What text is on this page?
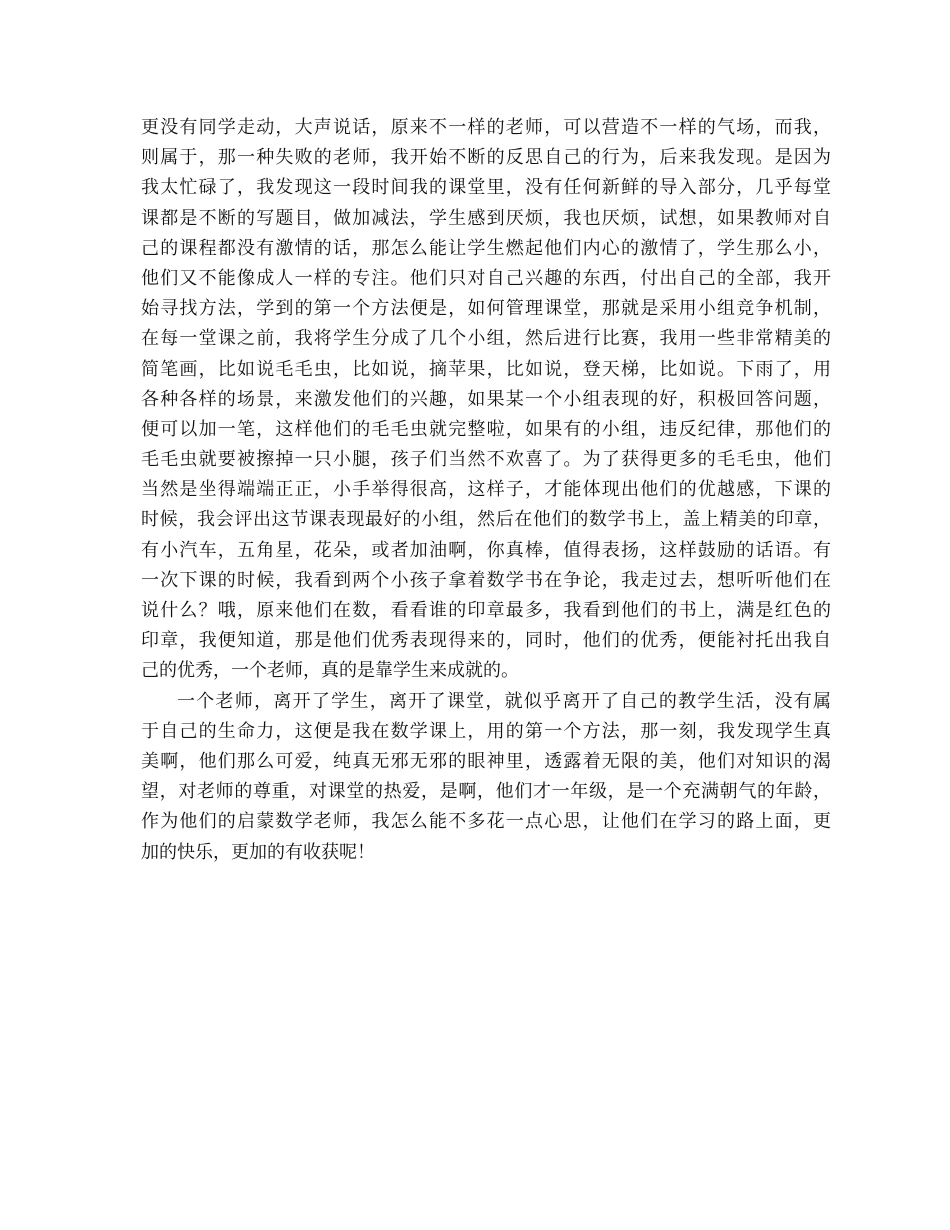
更没有同学走动，大声说话，原来不一样的老师，可以营造不一样的气场，而我，
则属于，那一种失败的老师，我开始不断的反思自己的行为，后来我发现。是因为
我太忙碌了，我发现这一段时间我的课堂里，没有任何新鲜的导入部分，几乎每堂
课都是不断的写题目，做加减法，学生感到厌烦，我也厌烦，试想，如果教师对自
己的课程都没有激情的话，那怎么能让学生燃起他们内心的激情了，学生那么小，
他们又不能像成人一样的专注。他们只对自己兴趣的东西，付出自己的全部，我开
始寻找方法，学到的第一个方法便是，如何管理课堂，那就是采用小组竞争机制，
在每一堂课之前，我将学生分成了几个小组，然后进行比赛，我用一些非常精美的
简笔画，比如说毛毛虫，比如说，摘苹果，比如说，登天梯，比如说。下雨了，用
各种各样的场景，来激发他们的兴趣，如果某一个小组表现的好，积极回答问题，
便可以加一笔，这样他们的毛毛虫就完整啦，如果有的小组，违反纪律，那他们的
毛毛虫就要被擦掉一只小腿，孩子们当然不欢喜了。为了获得更多的毛毛虫，他们
当然是坐得端端正正，小手举得很高，这样子，才能体现出他们的优越感，下课的
时候，我会评出这节课表现最好的小组，然后在他们的数学书上，盖上精美的印章，
有小汽车，五角星，花朵，或者加油啊，你真棒，值得表扬，这样鼓励的话语。有
一次下课的时候，我看到两个小孩子拿着数学书在争论，我走过去，想听听他们在
说什么？哦，原来他们在数，看看谁的印章最多，我看到他们的书上，满是红色的
印章，我便知道，那是他们优秀表现得来的，同时，他们的优秀，便能衬托出我自
己的优秀，一个老师，真的是靠学生来成就的。
一个老师，离开了学生，离开了课堂，就似乎离开了自己的教学生活，没有属
于自己的生命力，这便是我在数学课上，用的第一个方法，那一刻，我发现学生真
美啊，他们那么可爱，纯真无邪无邪的眼神里，透露着无限的美，他们对知识的渴
望，对老师的尊重，对课堂的热爱，是啊，他们才一年级，是一个充满朝气的年龄，
作为他们的启蒙数学老师，我怎么能不多花一点心思，让他们在学习的路上面，更
加的快乐，更加的有收获呢！
